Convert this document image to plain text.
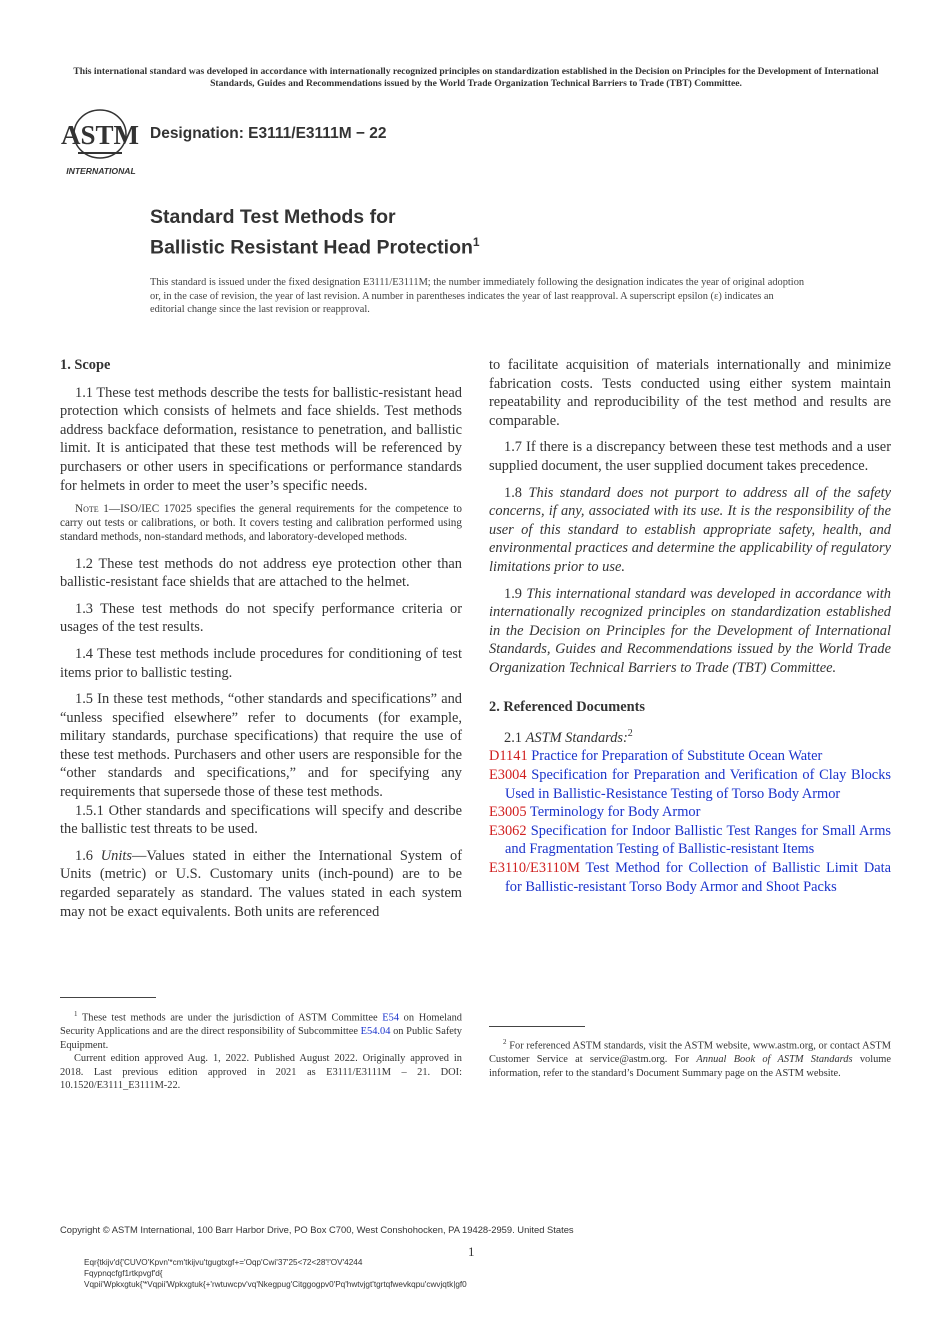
This international standard was developed in accordance with internationally recognized principles on standardization established in the Decision on Principles for the Development of International Standards, Guides and Recommendations issued by the World Trade Organization Technical Barriers to Trade (TBT) Committee.
ASTM
INTERNATIONAL
Designation: E3111/E3111M − 22
Standard Test Methods for
Ballistic Resistant Head Protection$^1$
This standard is issued under the fixed designation E3111/E3111M; the number immediately following the designation indicates the year of original adoption or, in the case of revision, the year of last revision. A number in parentheses indicates the year of last reapproval. A superscript epsilon (ε) indicates an editorial change since the last revision or reapproval.
1. Scope

1.1 These test methods describe the tests for ballistic-resistant head protection which consists of helmets and face shields. Test methods address backface deformation, resistance to penetration, and ballistic limit. It is anticipated that these test methods will be referenced by purchasers or other users in specifications or performance standards for helmets in order to meet the user’s specific needs.

Note 1—ISO/IEC 17025 specifies the general requirements for the competence to carry out tests or calibrations, or both. It covers testing and calibration performed using standard methods, non-standard methods, and laboratory-developed methods.

1.2 These test methods do not address eye protection other than ballistic-resistant face shields that are attached to the helmet.

1.3 These test methods do not specify performance criteria or usages of the test results.

1.4 These test methods include procedures for conditioning of test items prior to ballistic testing.

1.5 In these test methods, “other standards and specifications” and “unless specified elsewhere” refer to documents (for example, military standards, purchase specifications) that require the use of these test methods. Purchasers and other users are responsible for the “other standards and specifications,” and for specifying any requirements that supersede those of these test methods.

1.5.1 Other standards and specifications will specify and describe the ballistic test threats to be used.

1.6 Units—Values stated in either the International System of Units (metric) or U.S. Customary units (inch-pound) are to be regarded separately as standard. The values stated in each system may not be exact equivalents. Both units are referenced

to facilitate acquisition of materials internationally and minimize fabrication costs. Tests conducted using either system maintain repeatability and reproducibility of the test method and results are comparable.

1.7 If there is a discrepancy between these test methods and a user supplied document, the user supplied document takes precedence.

1.8 This standard does not purport to address all of the safety concerns, if any, associated with its use. It is the responsibility of the user of this standard to establish appropriate safety, health, and environmental practices and determine the applicability of regulatory limitations prior to use.

1.9 This international standard was developed in accordance with internationally recognized principles on standardization established in the Decision on Principles for the Development of International Standards, Guides and Recommendations issued by the World Trade Organization Technical Barriers to Trade (TBT) Committee.

2. Referenced Documents

2.1 ASTM Standards:$^2$

D1141 Practice for Preparation of Substitute Ocean Water
E3004 Specification for Preparation and Verification of Clay Blocks Used in Ballistic-Resistance Testing of Torso Body Armor
E3005 Terminology for Body Armor
E3062 Specification for Indoor Ballistic Test Ranges for Small Arms and Fragmentation Testing of Ballistic-resistant Items
E3110/E3110M Test Method for Collection of Ballistic Limit Data for Ballistic-resistant Torso Body Armor and Shoot Packs

$^1$ These test methods are under the jurisdiction of ASTM Committee E54 on Homeland Security Applications and are the direct responsibility of Subcommittee E54.04 on Public Safety Equipment.

Current edition approved Aug. 1, 2022. Published August 2022. Originally approved in 2018. Last previous edition approved in 2021 as E3111/E3111M – 21. DOI: 10.1520/E3111_E3111M-22.

$^2$ For referenced ASTM standards, visit the ASTM website, www.astm.org, or contact ASTM Customer Service at service@astm.org. For Annual Book of ASTM Standards volume information, refer to the standard’s Document Summary page on the ASTM website.

Copyright © ASTM International, 100 Barr Harbor Drive, PO Box C700, West Conshohocken, PA 19428-2959. United States
1
Eqr{tkijv'd{'CUVO'Kpvn'*cm'tkijvu'tgugtxgf+='Oqp'Cwi'37'25<72<28'!'OV'4244
Fqypnqcfgf1rtkpvgf'd{
Vqpii'Wpkxgtuk{'*Vqpii'Wpkxgtuk{+'rwtuwcpv'vq'Nkegpug'Citggogpv0'Pq'hwtvjgt'tgrtqfwevkqpu'cwvjqtk|gf0
